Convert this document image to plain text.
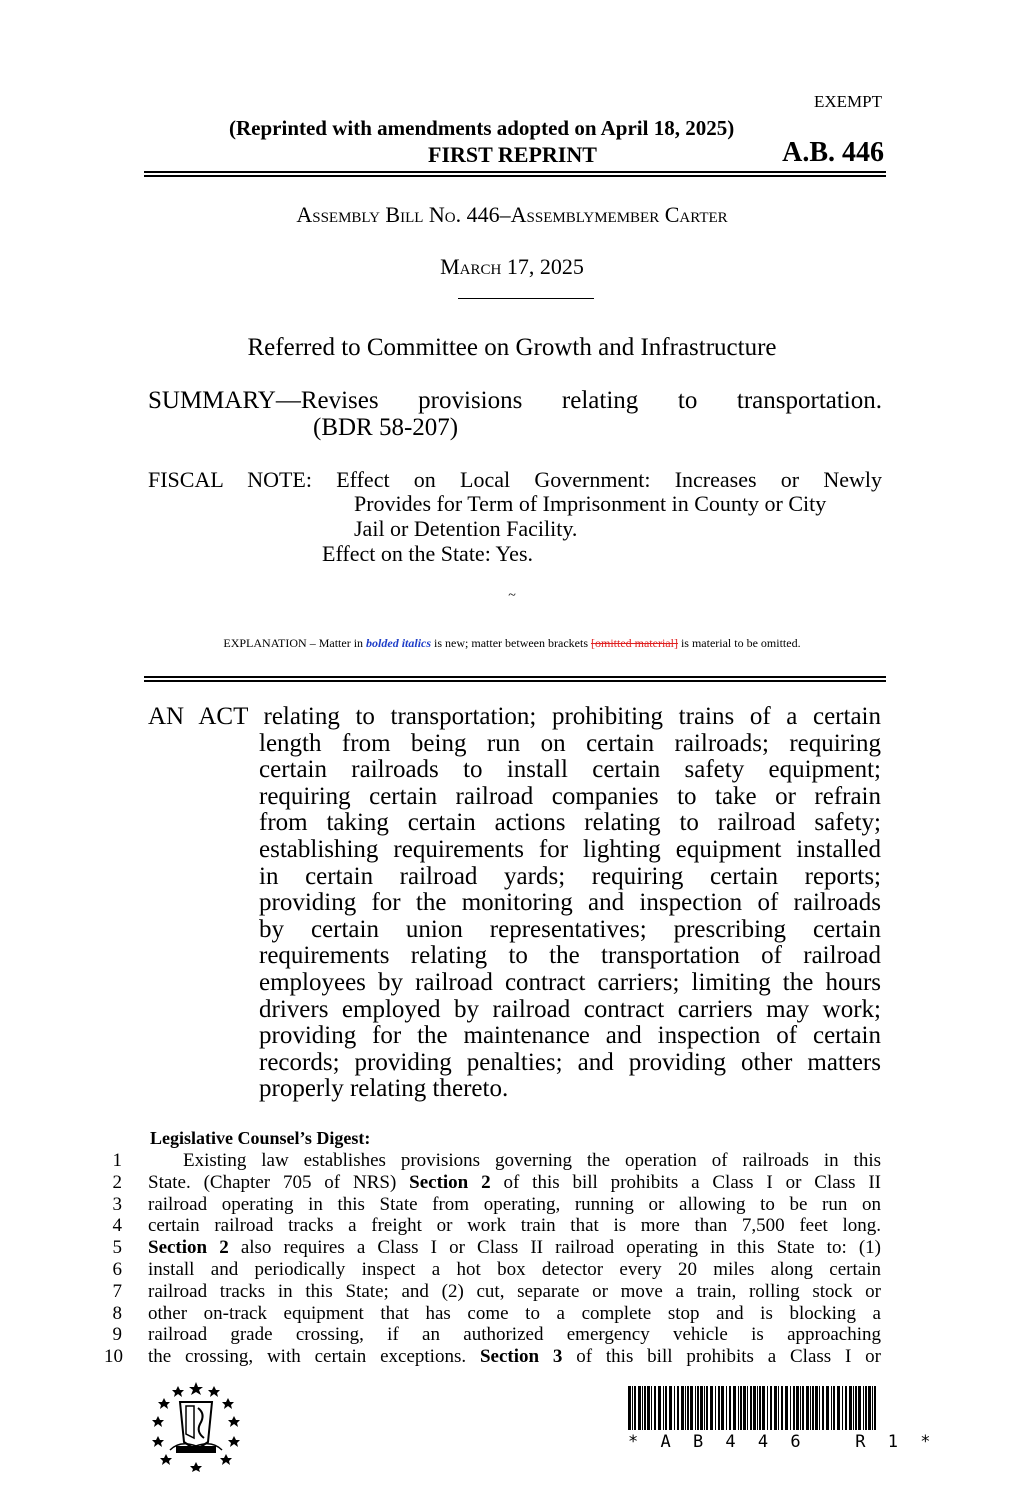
EXEMPT
(Reprinted with amendments adopted on April 18, 2025)
FIRST REPRINT	A.B. 446
Assembly Bill No. 446–Assemblymember Carter
March 17, 2025
Referred to Committee on Growth and Infrastructure
SUMMARY—Revises provisions relating to transportation.
(BDR 58-207)
FISCAL NOTE: Effect on Local Government: Increases or Newly
Provides for Term of Imprisonment in County or City
Jail or Detention Facility.
Effect on the State: Yes.
~
EXPLANATION – Matter in bolded italics is new; matter between brackets [omitted material] is material to be omitted.
AN ACT relating to transportation; prohibiting trains of a certain
length from being run on certain railroads; requiring
certain railroads to install certain safety equipment;
requiring certain railroad companies to take or refrain
from taking certain actions relating to railroad safety;
establishing requirements for lighting equipment installed
in certain railroad yards; requiring certain reports;
providing for the monitoring and inspection of railroads
by certain union representatives; prescribing certain
requirements relating to the transportation of railroad
employees by railroad contract carriers; limiting the hours
drivers employed by railroad contract carriers may work;
providing for the maintenance and inspection of certain
records; providing penalties; and providing other matters
properly relating thereto.
Legislative Counsel’s Digest:
1
2
3
4
5
6
7
8
9
10
Existing law establishes provisions governing the operation of railroads in this
State. (Chapter 705 of NRS) Section 2 of this bill prohibits a Class I or Class II
railroad operating in this State from operating, running or allowing to be run on
certain railroad tracks a freight or work train that is more than 7,500 feet long.
Section 2 also requires a Class I or Class II railroad operating in this State to: (1)
install and periodically inspect a hot box detector every 20 miles along certain
railroad tracks in this State; and (2) cut, separate or move a train, rolling stock or
other on-track equipment that has come to a complete stop and is blocking a
railroad grade crossing, if an authorized emergency vehicle is approaching
the crossing, with certain exceptions. Section 3 of this bill prohibits a Class I or
* A B 4 4 6   R 1 *
